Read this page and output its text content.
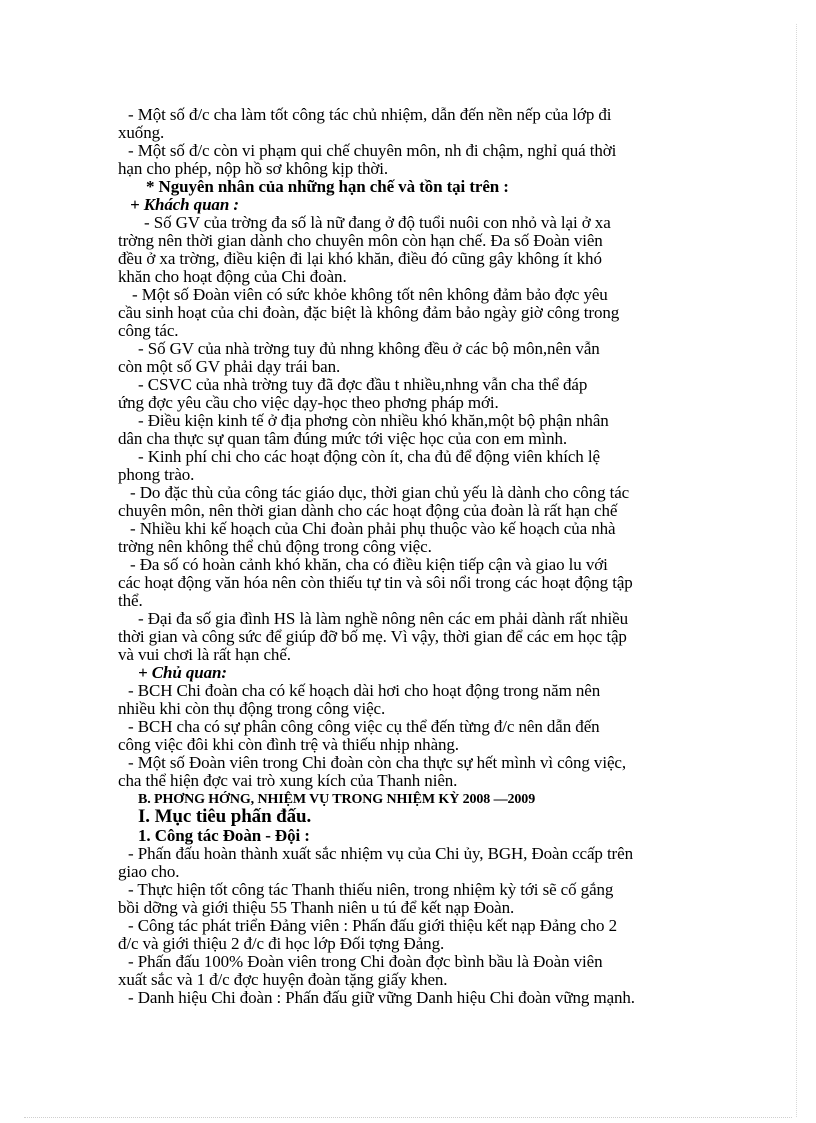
- Một số đ/c cha làm tốt công tác chủ nhiệm, dẫn đến nền nếp của lớp đi
xuống.
- Một số đ/c còn vi phạm qui chế chuyên môn, nh đi chậm, nghỉ quá thời
hạn cho phép, nộp hồ sơ không kịp thời.
* Nguyên nhân của những hạn chế và tồn tại trên :
+ Khách quan :
- Số GV của trờng đa số là nữ đang ở độ tuổi nuôi con nhỏ và lại ở xa
trờng nên thời gian dành cho chuyên môn còn hạn chế. Đa số Đoàn viên
đều ở xa trờng, điều kiện đi lại khó khăn, điều đó cũng gây không ít khó
khăn cho hoạt động của Chi đoàn.
- Một số Đoàn viên có sức khỏe không tốt nên không đảm bảo đợc yêu
cầu sinh hoạt của chi đoàn, đặc biệt là không đảm bảo ngày giờ công trong
công tác.
- Số GV của nhà trờng tuy đủ nhng không đều ở các bộ môn,nên vẫn
còn một số GV phải dạy trái ban.
- CSVC của nhà trờng tuy đã đợc đầu t nhiều,nhng vẫn cha thể đáp
ứng đợc yêu cầu cho việc dạy-học theo phơng pháp mới.
- Điều kiện kinh tế ở địa phơng còn nhiều khó khăn,một bộ phận nhân
dân cha thực sự quan tâm đúng mức tới việc học của con em mình.
- Kinh phí chi cho các hoạt động còn ít, cha đủ để động viên khích lệ
phong trào.
- Do đặc thù của công tác giáo dục, thời gian chủ yếu là dành cho công tác
chuyên môn, nên thời gian dành cho các hoạt động của đoàn là rất hạn chế
- Nhiều khi kế hoạch của Chi đoàn phải phụ thuộc vào kế hoạch của nhà
trờng nên không thể chủ động trong công việc.
- Đa số có hoàn cảnh khó khăn, cha có điều kiện tiếp cận và giao lu với
các hoạt động văn hóa nên còn thiếu tự tin và sôi nổi trong các hoạt động tập
thể.
- Đại đa số gia đình HS là làm nghề nông nên các em phải dành rất nhiều
thời gian và công sức để giúp đỡ bố mẹ. Vì vậy, thời gian để các em học tập
và vui chơi là rất hạn chế.
+ Chủ quan:
- BCH Chi đoàn cha có kế hoạch dài hơi cho hoạt động trong năm nên
nhiều khi còn thụ động trong công việc.
- BCH cha có sự phân công công việc cụ thể đến từng đ/c nên dẫn đến
công việc đôi khi còn đình trệ và thiếu nhịp nhàng.
- Một số Đoàn viên trong Chi đoàn còn cha thực sự hết mình vì công việc,
cha thể hiện đợc vai trò xung kích của Thanh niên.
B. PHƠNG HỚNG, NHIỆM VỤ TRONG NHIỆM KỲ 2008 —2009
I. Mục tiêu phấn đấu.
1. Công tác Đoàn - Đội :
- Phấn đấu hoàn thành xuất sắc nhiệm vụ của Chi ủy, BGH, Đoàn ccấp trên
giao cho.
- Thực hiện tốt công tác Thanh thiếu niên, trong nhiệm kỳ tới sẽ cố gắng
bồi dỡng và giới thiệu 55 Thanh niên u tú để kết nạp Đoàn.
- Công tác phát triển Đảng viên : Phấn đấu giới thiệu kết nạp Đảng cho 2
đ/c và giới thiệu 2 đ/c đi học lớp Đối tợng Đảng.
- Phấn đấu 100% Đoàn viên trong Chi đoàn đợc bình bầu là Đoàn viên
xuất sắc và 1 đ/c đợc huyện đoàn tặng giấy khen.
- Danh hiệu Chi đoàn : Phấn đấu giữ vững Danh hiệu Chi đoàn vững mạnh.
